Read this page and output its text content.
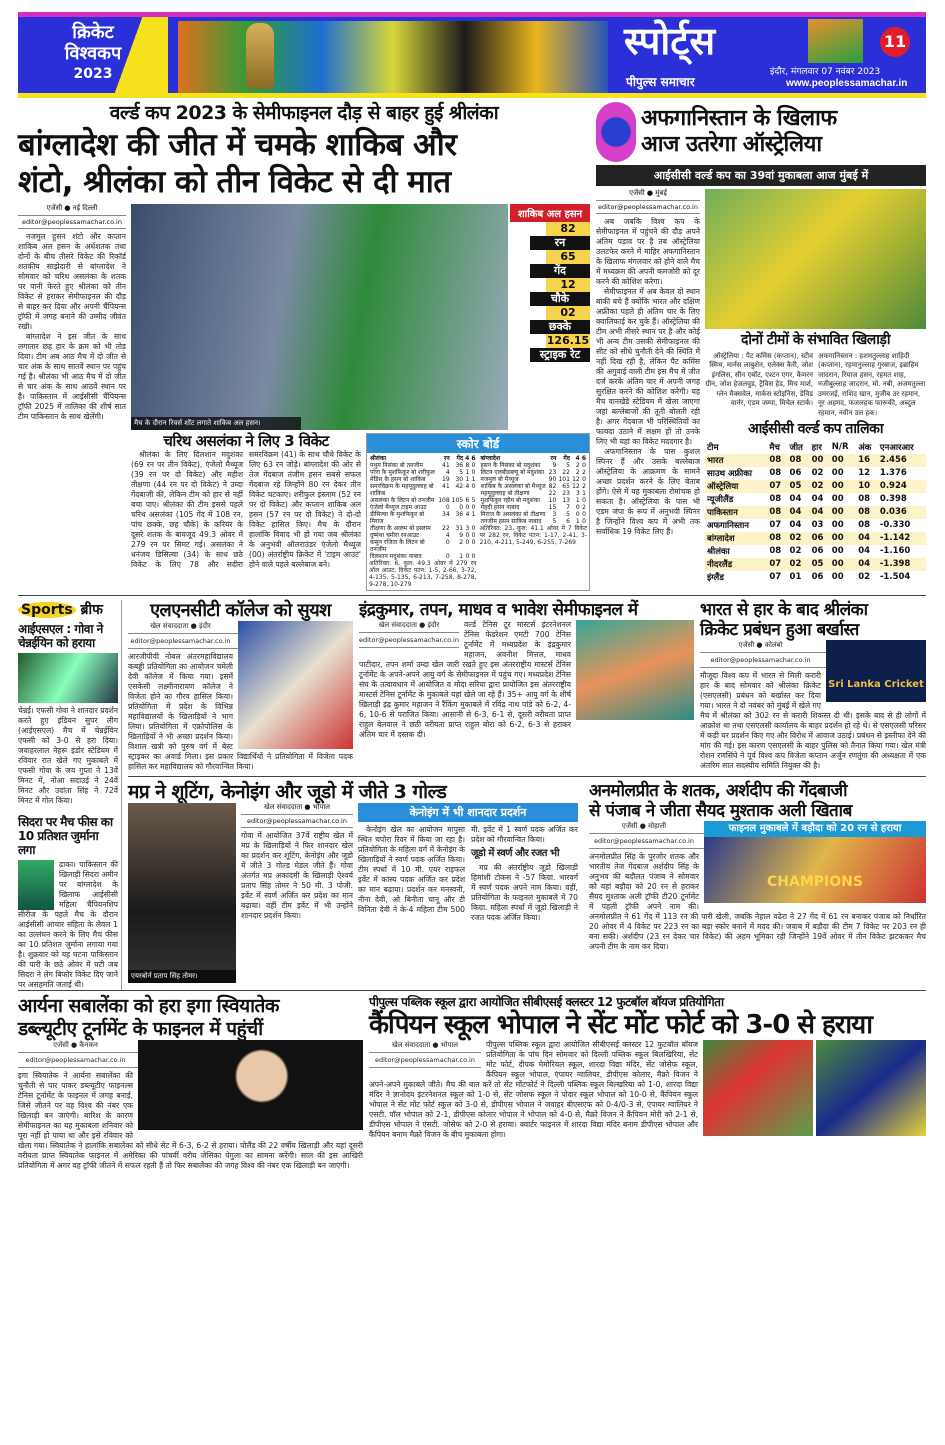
क्रिकेट
विश्वकप
2023
स्पोर्ट्स
पीपुल्स समाचार
इंदौर, मंगलवार 07 नवंबर 2023
www.peoplessamachar.in
11
वर्ल्ड कप 2023 के सेमीफाइनल दौड़ से बाहर हुई श्रीलंका
बांग्लादेश की जीत में चमके शाकिब और
शंटो, श्रीलंका को तीन विकेट से दी मात
एजेंसी ● नई दिल्ली
editor@peoplessamachar.co.in

नजमुल हुसन शंटो और कप्तान शाकिब अल हसन के अर्धशतक तथा दोनों के बीच तीसरे विकेट की रिकॉर्ड शतकीय साझेदारी से बांग्लादेश ने सोमवार को चरिथ असलंका के शतक पर पानी फेरते हुए श्रीलंका को तीन विकेट से हराकर सेमीफाइनल की दौड़ से बाहर कर दिया और अपनी चैंपियन्स ट्रॉफी में जगह बनाने की उम्मीद जीवंत रखी।

बांग्लादेश ने इस जीत के साथ लगातार छह हार के क्रम को भी तोड़ दिया। टीम अब आठ मैच में दो जीत से चार अंक के साथ सातवें स्थान पर पहुंच गई है। श्रीलंका भी आठ मैच में दो जीत से चार अंक के साथ आठवें स्थान पर है। पाकिस्तान में आईसीसी चैंपियन्स ट्रॉफी 2025 में तालिका की शीर्ष सात टीम पाकिस्तान के साथ खेलेंगी।

मैच के दौरान रिवर्स शॉट लगाते शाकिब अल हसन।
शाकिब अल हसन
82
रन
65
गेंद
12
चौके
02
छक्के
126.15
स्ट्राइक रेट
चरिथ असलंका ने लिए 3 विकेट

श्रीलंका के लिए दिलशान मदुशंका (69 रन पर तीन विकेट), एंजेलो मैथ्यूज (39 रन पर दो विकेट) और महीश तीक्षणा (44 रन पर दो विकेट) ने उम्दा गेंदबाजी की, लेकिन टीम को हार से नहीं बचा पाए। श्रीलंका की टीम इससे पहले चरिथ असलंका (105 गेंद में 108 रन, पांच छक्के, छह चौके) के करियर के दूसरे शतक के बावजूद 49.3 ओवर में 279 रन पर सिमट गई। असलंका ने धनंजय डिसिल्वा (34) के साथ छठे विकेट के लिए 78 और सदीरा समरविक्रम (41) के साथ चौथे विकेट के लिए 63 रन जोड़े। बांग्लादेश की ओर से तेज गेंदबाज तंजीम हसन सबसे सफल गेंदबाज रहे जिन्होंने 80 रन देकर तीन विकेट चटकाए। शरीफुल इस्लाम (52 रन पर दो विकेट) और कप्तान शाकिब अल हसन (57 रन पर दो विकेट) ने दो-दो विकेट हासिल किए। मैच के दौरान हालांकि विवाद भी हो गया जब श्रीलंका के अनुभवी ऑलराउंडर एंजेलो मैथ्यूज (00) अंतर्राष्ट्रीय क्रिकेट में 'टाइम आउट' होने वाले पहले बल्लेबाज बने।

स्कोर बोर्ड
श्रीलंका	रन	गेंद	4	6
पथुम निसंका बो तनजीम	41	36	8	0
परेरा कै मुशफिकुर बो शरीफुल	4	5	1	0
मेंडिस कै हसन बो शाकिब	19	30	1	1
समरविक्रम कै महमूदुल्लाह बो शाकिब	41	42	4	0
असलंका कै लिटन बो तनजीम	108	105	6	5
एंजेलो मैथ्यूज टाइम आउट	0	0	0	0
डीसिल्वा कै मुशफिकुर बो मिराज	34	36	4	1
तीक्षणा कै आलम बो इस्लाम	22	31	3	0
दुष्मंथा चमीरा रनआउट	4	9	0	0
कसुन रजिता कै लिटन बो तनजीम	0	2	0	0
दिलशान मदुशंका नाबाद	0	1	0	0
अतिरिक्त: 6, कुल: 49.3 ओवर में 279 रन ऑल आउट, विकेट पतन: 1-5, 2-66, 3-72, 4-135, 5-135, 6-213, 7-258, 8-278, 9-278, 10-279
बांग्लादेश	रन	गेंद	4	6
हसन कै निसंका बो मदुशंका	9	5	2	0
लिटन एलबीडब्ल्यू बो मदुशंका	23	22	2	2
नजमुल बो मैथ्यूज	90	101	12	0
शाकिब कै असलंका बो मैथ्यूज	82	65	12	2
महमूदुल्लाह बो तीक्षणा	22	23	3	1
मुशफिकुर रहीम बो मदुशंका	10	13	1	0
मेहदी हसन नाबाद	15	7	0	2
मिराज कै असलंका बो तीक्षणा	3	5	0	0
तनजीम हसन साकिब नाबाद	5	6	1	0
अतिरिक्त: 23, कुल: 41.1 ओवर में 7 विकेट पर 282 रन, विकेट पतन: 1-17, 2-41, 3-210, 4-211, 5-249, 6-255, 7-269
अफगानिस्तान के खिलाफ
आज उतरेगा ऑस्ट्रेलिया
आईसीसी वर्ल्ड कप का 39वां मुकाबला आज मुंबई में
एजेंसी ● मुंबई
editor@peoplessamachar.co.in

अब जबकि विश्व कप के सेमीफाइनल में पहुंचने की दौड़ अपने अंतिम पड़ाव पर है तब ऑस्ट्रेलिया उलटफेर करने में माहिर अफगानिस्तान के खिलाफ मंगलवार को होने वाले मैच में मध्यक्रम की अपनी कमजोरी को दूर करने की कोशिश करेगा।

सेमीफाइनल में अब केवल दो स्थान बाकी बचे हैं क्योंकि भारत और दक्षिण अफ्रीका पहले ही अंतिम चार के लिए क्वालिफाई कर चुके हैं। ऑस्ट्रेलिया की टीम अभी तीसरे स्थान पर है और कोई भी अन्य टीम उसकी सेमीफाइनल की सीट को सीधे चुनौती देने की स्थिति में नहीं दिख रही है, लेकिन पैट कमिंस की अगुवाई वाली टीम इस मैच में जीत दर्ज करके अंतिम चार में अपनी जगह सुरक्षित करने की कोशिश करेगी। यह मैच वानखेड़े स्टेडियम में खेला जाएगा जहां बल्लेबाजों की तूती बोलती रही है। अगर गेंदबाज भी परिस्थितियों का फायदा उठाने में सक्षम हों तो उनके लिए भी यहां का विकेट मददगार है।

अफगानिस्तान के पास कुशल स्पिनर हैं और उसके बल्लेबाज ऑस्ट्रेलिया के आक्रमण के सामने अच्छा प्रदर्शन करने के लिए बेताब होंगे। ऐसे में यह मुकाबला रोमांचक हो सकता है। ऑस्ट्रेलिया के पास भी एडम जंपा के रूप में अनुभवी स्पिनर है जिन्होंने विश्व कप में अभी तक सर्वाधिक 19 विकेट लिए हैं।

दोनों टीमों के संभावित खिलाड़ी
ऑस्ट्रेलिया : पैट कमिंस (कप्तान), स्टीव स्मिथ, मार्नस लाबुशेन, एलेक्स कैरी, जोश इंगलिस, सीन एबॉट, एश्टन एगर, कैमरन ग्रीन, जोश हेजलवुड, ट्रैविस हेड, मिच मार्श, ग्लेन मैक्सवेल, मार्कस स्टोइनिस, डेविड वार्नर, एडम जम्पा, मिचेल स्टार्क।
अफगानिस्तान : हशमतुल्लाह शाहिदी (कप्तान), रहमानुल्लाह गुरबाज, इब्राहिम जादरान, रियाज हसन, रहमत शाह, नजीबुल्लाह जादरान, मो. नबी, अजमतुल्ला उमरजई, राशिद खान, मुजीब उर रहमान, नूर अहमद, फजलहक फारूकी, अब्दुल रहमान, नवीन उल हक।
आईसीसी वर्ल्ड कप तालिका
टीम	मैच	जीत	हार	N/R	अंक	एनआरआर
भारत	08	08	00	00	16	2.456
साउथ अफ्रीका	08	06	02	00	12	1.376
ऑस्ट्रेलिया	07	05	02	00	10	0.924
न्यूजीलैंड	08	04	04	00	08	0.398
पाकिस्तान	08	04	04	00	08	0.036
अफगानिस्तान	07	04	03	00	08	-0.330
बांग्लादेश	08	02	06	00	04	-1.142
श्रीलंका	08	02	06	00	04	-1.160
नीदरलैंड	07	02	05	00	04	-1.398
इंग्लैंड	07	01	06	00	02	-1.504
Sports ब्रीफ
आईएसएल : गोवा ने चेन्नईयिन को हराया
चेन्नई। एफसी गोवा ने शानदार प्रदर्शन करते हुए इंडियन सुपर लीग (आईएसएल) मैच में चेन्नईयिन एफसी को 3-0 से हरा दिया। जवाहरलाल नेहरू इंडोर स्टेडियम में रविवार रात खेले गए मुकाबले में एफसी गोवा के जय गुप्ता ने 13वें मिनट में, नोआ सदाउई ने 24वें मिनट और उदांता सिंह ने 72वें मिनट में गोल किया।
सिदरा पर मैच फीस का 10 प्रतिशत जुर्माना लगा
ढाका। पाकिस्तान की खिलाड़ी सिदरा अमीन पर बांग्लादेश के खिलाफ आईसीसी महिला चैंपियनशिप सीरीज के पहले मैच के दौरान आईसीसी आचार संहिता के लेवल 1 का उल्लंघन करने के लिए मैच फीस का 10 प्रतिशत जुर्माना लगाया गया है। शुक्रवार को यह घटना पाकिस्तान की पारी के छठे ओवर में घटी जब सिदरा ने लेग बिफोर विकेट दिए जाने पर असहमति जताई थी।
एलएनसीटी कॉलेज को सुयश
खेल संवाददाता ● इंदौर
editor@peoplessamachar.co.in
आरजीपीवी नोबल अंतरमहाविद्यालय कबड्डी प्रतियोगिता का आयोजन चमेली देवी कॉलेज में किया गया। इसमें एसकेसी लक्ष्मीनारायण कॉलेज ने विजेता होने का गौरव हासिल किया। प्रतियोगिता में प्रदेश के विभिन्न महाविद्यालयों के खिलाड़ियों ने भाग लिया। प्रतियोगिता में एक्रोपोलिस के खिलाड़ियों ने भी अच्छा प्रदर्शन किया। विशाल खत्री को पुरुष वर्ग में बेस्ट स्ट्राइकर का अवार्ड मिला। इस प्रकार विद्यार्थियों ने प्रतियोगिता में विजेता पदक हासिल कर महाविद्यालय को गौरवान्वित किया।
इंद्रकुमार, तपन, माधव व भावेश सेमीफाइनल में
खेल संवाददाता ● इंदौर
editor@peoplessamachar.co.in
वर्ल्ड टेनिस टूर मास्टर्स इंटरनेशनल टेनिस फेडरेशन एमटी 700 टेनिस टूर्नामेंट में मध्यप्रदेश के इंद्रकुमार महाजन, अवनीश मित्तल, माधव पाटीदार, तपन शर्मा उम्दा खेल जारी रखते हुए इस अंतरराष्ट्रीय मास्टर्स टेनिस टूर्नामेंट के अपने-अपने आयु वर्ग के सेमीफाइनल में पहुंच गए। मध्यप्रदेश टेनिस संघ के तत्वावधान में आयोजित व मोदा सरिया द्वारा प्रायोजित इस अंतरराष्ट्रीय मास्टर्स टेनिस टूर्नामेंट के मुकाबले यहां खेले जा रहे हैं। 35+ आयु वर्ग के शीर्ष खिलाड़ी इंद्र कुमार महाजन ने रैंकिंग मुकाबले में रविंद्र नाथ पांडे को 6-2, 4-6, 10-6 से पराजित किया। आसानी से 6-3, 6-1 से, दूसरी वरीयता प्राप्त राहुल बेलवाल ने छठी वरीयता प्राप्त राहुल बोरा को 6-2, 6-3 से हराकर अंतिम चार में दस्तक दी।
भारत से हार के बाद श्रीलंका
क्रिकेट प्रबंधन हुआ बर्खास्त
Sri Lanka Cricket
एजेंसी ● कोलंबो
editor@peoplessamachar.co.in
मौजूदा विश्व कप में भारत से मिली करारी हार के बाद सोमवार को श्रीलंका क्रिकेट (एसएलसी) प्रबंधन को बर्खास्त कर दिया गया। भारत ने दो नवंबर को मुंबई में खेले गए मैच में श्रीलंका को 302 रन से करारी शिकस्त दी थी। इसके बाद से ही लोगों में आक्रोश था तथा एसएलसी कार्यालय के बाहर प्रदर्शन हो रहे थे। से एसएलसी परिसर में कड़ी घर प्रदर्शन किए गए और विरोध में आवाज उठाई। प्रबंधन से इस्तीफा देने की मांग की गई। इस कारण एसएलसी के बाहर पुलिस को तैनात किया गया। खेल मंत्री रोशन रणसिंघे ने पूर्व विश्व कप विजेता कप्तान अर्जुन रणतुंगा की अध्यक्षता में एक अंतरिम सात सदस्यीय समिति नियुक्त की है।
मप्र ने शूटिंग, केनोइंग और जूडो में जीते 3 गोल्ड
एयरबोर्न प्रताप सिंह तोमर।
खेल संवाददाता ● भोपाल
editor@peoplessamachar.co.in
गोवा में आयोजित 37वें राष्ट्रीय खेल में मप्र के खिलाड़ियों ने फिर शानदार खेल का प्रदर्शन कर शूटिंग, केनोइंग और जूडो में जीते 3 गोल्ड मेडल जीते हैं। गोवा अंतर्गत मप्र अकादमी के खिलाड़ी ऐश्वर्य प्रताप सिंह तोमर ने 50 मी. 3 पोजी. इवेंट में स्वर्ण अर्जित कर प्रदेश का मान बढ़ाया। वहीं टीम इवेंट में भी उन्होंने शानदार प्रदर्शन किया।
केनोइंग में भी शानदार प्रदर्शन

केनोइंग खेल का आयोजन मापुसा स्थित चपोरा रिवर में किया जा रहा है। प्रतियोगिता के महिला वर्ग में केनोइंग के खिलाड़ियों ने स्वर्ण पदक अर्जित किया। टीम स्पर्धा में 10 मी. एयर राइफल इवेंट में कांस्य पदक अर्जित कर प्रदेश का मान बढ़ाया। प्रदर्शन कर मनस्वनी, नीना देवी, ओ बिनीता चानू और टी विनिता देवी ने के-4 महिला टीम 500 मी. इवेंट में 1 स्वर्ण पदक अर्जित कर प्रदेश को गौरवान्वित किया।

जूडो में स्वर्ण और रजत भी

मप्र की अंतर्राष्ट्रीय जूडो खिलाड़ी हिमांशी टोकस ने -57 किग्रा. भारवर्ग में स्वर्ण पदक अपने नाम किया। वहीं, प्रतियोगिता के फाइनल मुकाबले में 70 किग्रा. महिला स्पर्धा में जूडो खिलाड़ी ने रजत पदक अर्जित किया।

अनमोलप्रीत के शतक, अर्शदीप की गेंदबाजी
से पंजाब ने जीता सैयद मुश्ताक अली खिताब
फाइनल मुकाबले में बड़ौदा को 20 रन से हराया
CHAMPIONS
एजेंसी ● मोहाली
editor@peoplessamachar.co.in
अनमोलप्रीत सिंह के पुरजोर शतक और भारतीय तेज गेंदबाज अर्शदीप सिंह के अनुभव की बदौलत पंजाब ने सोमवार को यहां बड़ौदा को 20 रन से हराकर सैयद मुश्ताक अली ट्रॉफी टी20 टूर्नामेंट में पहली ट्रॉफी अपने नाम की। अनमोलप्रीत ने 61 गेंद में 113 रन की पारी खेली, जबकि नेहाल वढेरा ने 27 गेंद में 61 रन बनाकर पंजाब को निर्धारित 20 ओवर में 4 विकेट पर 223 रन का बड़ा स्कोर बनाने में मदद की। जवाब में बड़ौदा की टीम 7 विकेट पर 203 रन ही बना सकी। अर्शदीप (23 रन देकर चार विकेट) की अहम भूमिका रही जिन्होंने 19वें ओवर में तीन विकेट झटककर मैच अपनी टीम के नाम कर दिया।
आर्यना सबालेंका को हरा इगा स्वियातेक
डब्ल्यूटीए टूर्नामेंट के फाइनल में पहुंचीं
एजेंसी ● कैनकन
editor@peoplessamachar.co.in
इगा स्वियातेक ने आर्यना सबालेंका की चुनौती से पार पाकर डब्ल्यूटीए फाइनल्स टेनिस टूर्नामेंट के फाइनल में जगह बनाई, जिसे जीतने पर वह विश्व की नंबर एक खिलाड़ी बन जाएंगी। बारिश के कारण सेमीफाइनल का यह मुकाबला शनिवार को पूरा नहीं हो पाया था और इसे रविवार को खेला गया। स्वियातेक ने हालांकि सबालेंका को सीधे सेट में 6-3, 6-2 से हराया। पोलैंड की 22 वर्षीय खिलाड़ी और यहां दूसरी वरीयता प्राप्त स्वियातेक फाइनल में अमेरिका की पांचवीं वरीय जेसिका पेगुला का सामना करेंगी। साल की इस आखिरी प्रतियोगिता में अगर वह ट्रॉफी जीतने में सफल रहती हैं तो फिर सबालेंका की जगह विश्व की नंबर एक खिलाड़ी बन जाएंगी।
पीपुल्स पब्लिक स्कूल द्वारा आयोजित सीबीएसई क्लस्टर 12 फुटबॉल बॉयज प्रतियोगिता
कैंपियन स्कूल भोपाल ने सेंट मोंट फोर्ट को 3-0 से हराया
खेल संवाददाता ● भोपाल
editor@peoplessamachar.co.in
पीपुल्स पब्लिक स्कूल द्वारा आयोजित सीबीएसई क्लस्टर 12 फुटबॉल बॉयज प्रतियोगिता के पांच दिन सोमवार को दिल्ली पब्लिक स्कूल बिलखिरिया, सेंट मोंट फोर्ट, दीपक मेमोरियल स्कूल, शारदा विद्या मंदिर, सेंट जोसेफ स्कूल, कैंपियन स्कूल भोपाल, एंपायर ग्वालियर, डीपीएस कोलार, मैक्रो विजन ने अपने-अपने मुकाबले जीते। मैच की बात करें तो सेंट मोंटफोर्ट ने दिल्ली पब्लिक स्कूल बिल्खरिया को 1-0, शारदा विद्या मंदिर ने ज्ञानोदय इंटरनेशनल स्कूल को 1-0 से, सेंट जोसफ स्कूल ने पोदार स्कूल भोपाल को 10-0 से, कैंपियन स्कूल भोपाल ने सेंट मोंट फोर्ट स्कूल को 3-0 से, डीपीएस भोपाल ने जवाहर बीएसएफ को 0-4/0-3 से, एंपायर ग्वालियर ने एसटी. पॉल भोपाल को 2-1, डीपीएस कोलार भोपाल ने भोपाल को 4-0 से, मैक्रो विजन ने कैंपियन मोरी को 2-1 से, डीपीएस भोपाल ने एसटी. जोसेफ को 2-0 से हराया। क्वार्टर फाइनल में शारदा विद्या मंदिर बनाम डीपीएस भोपाल और कैंपियन बनाम मैक्रो विजन के बीच मुकाबला होगा।
